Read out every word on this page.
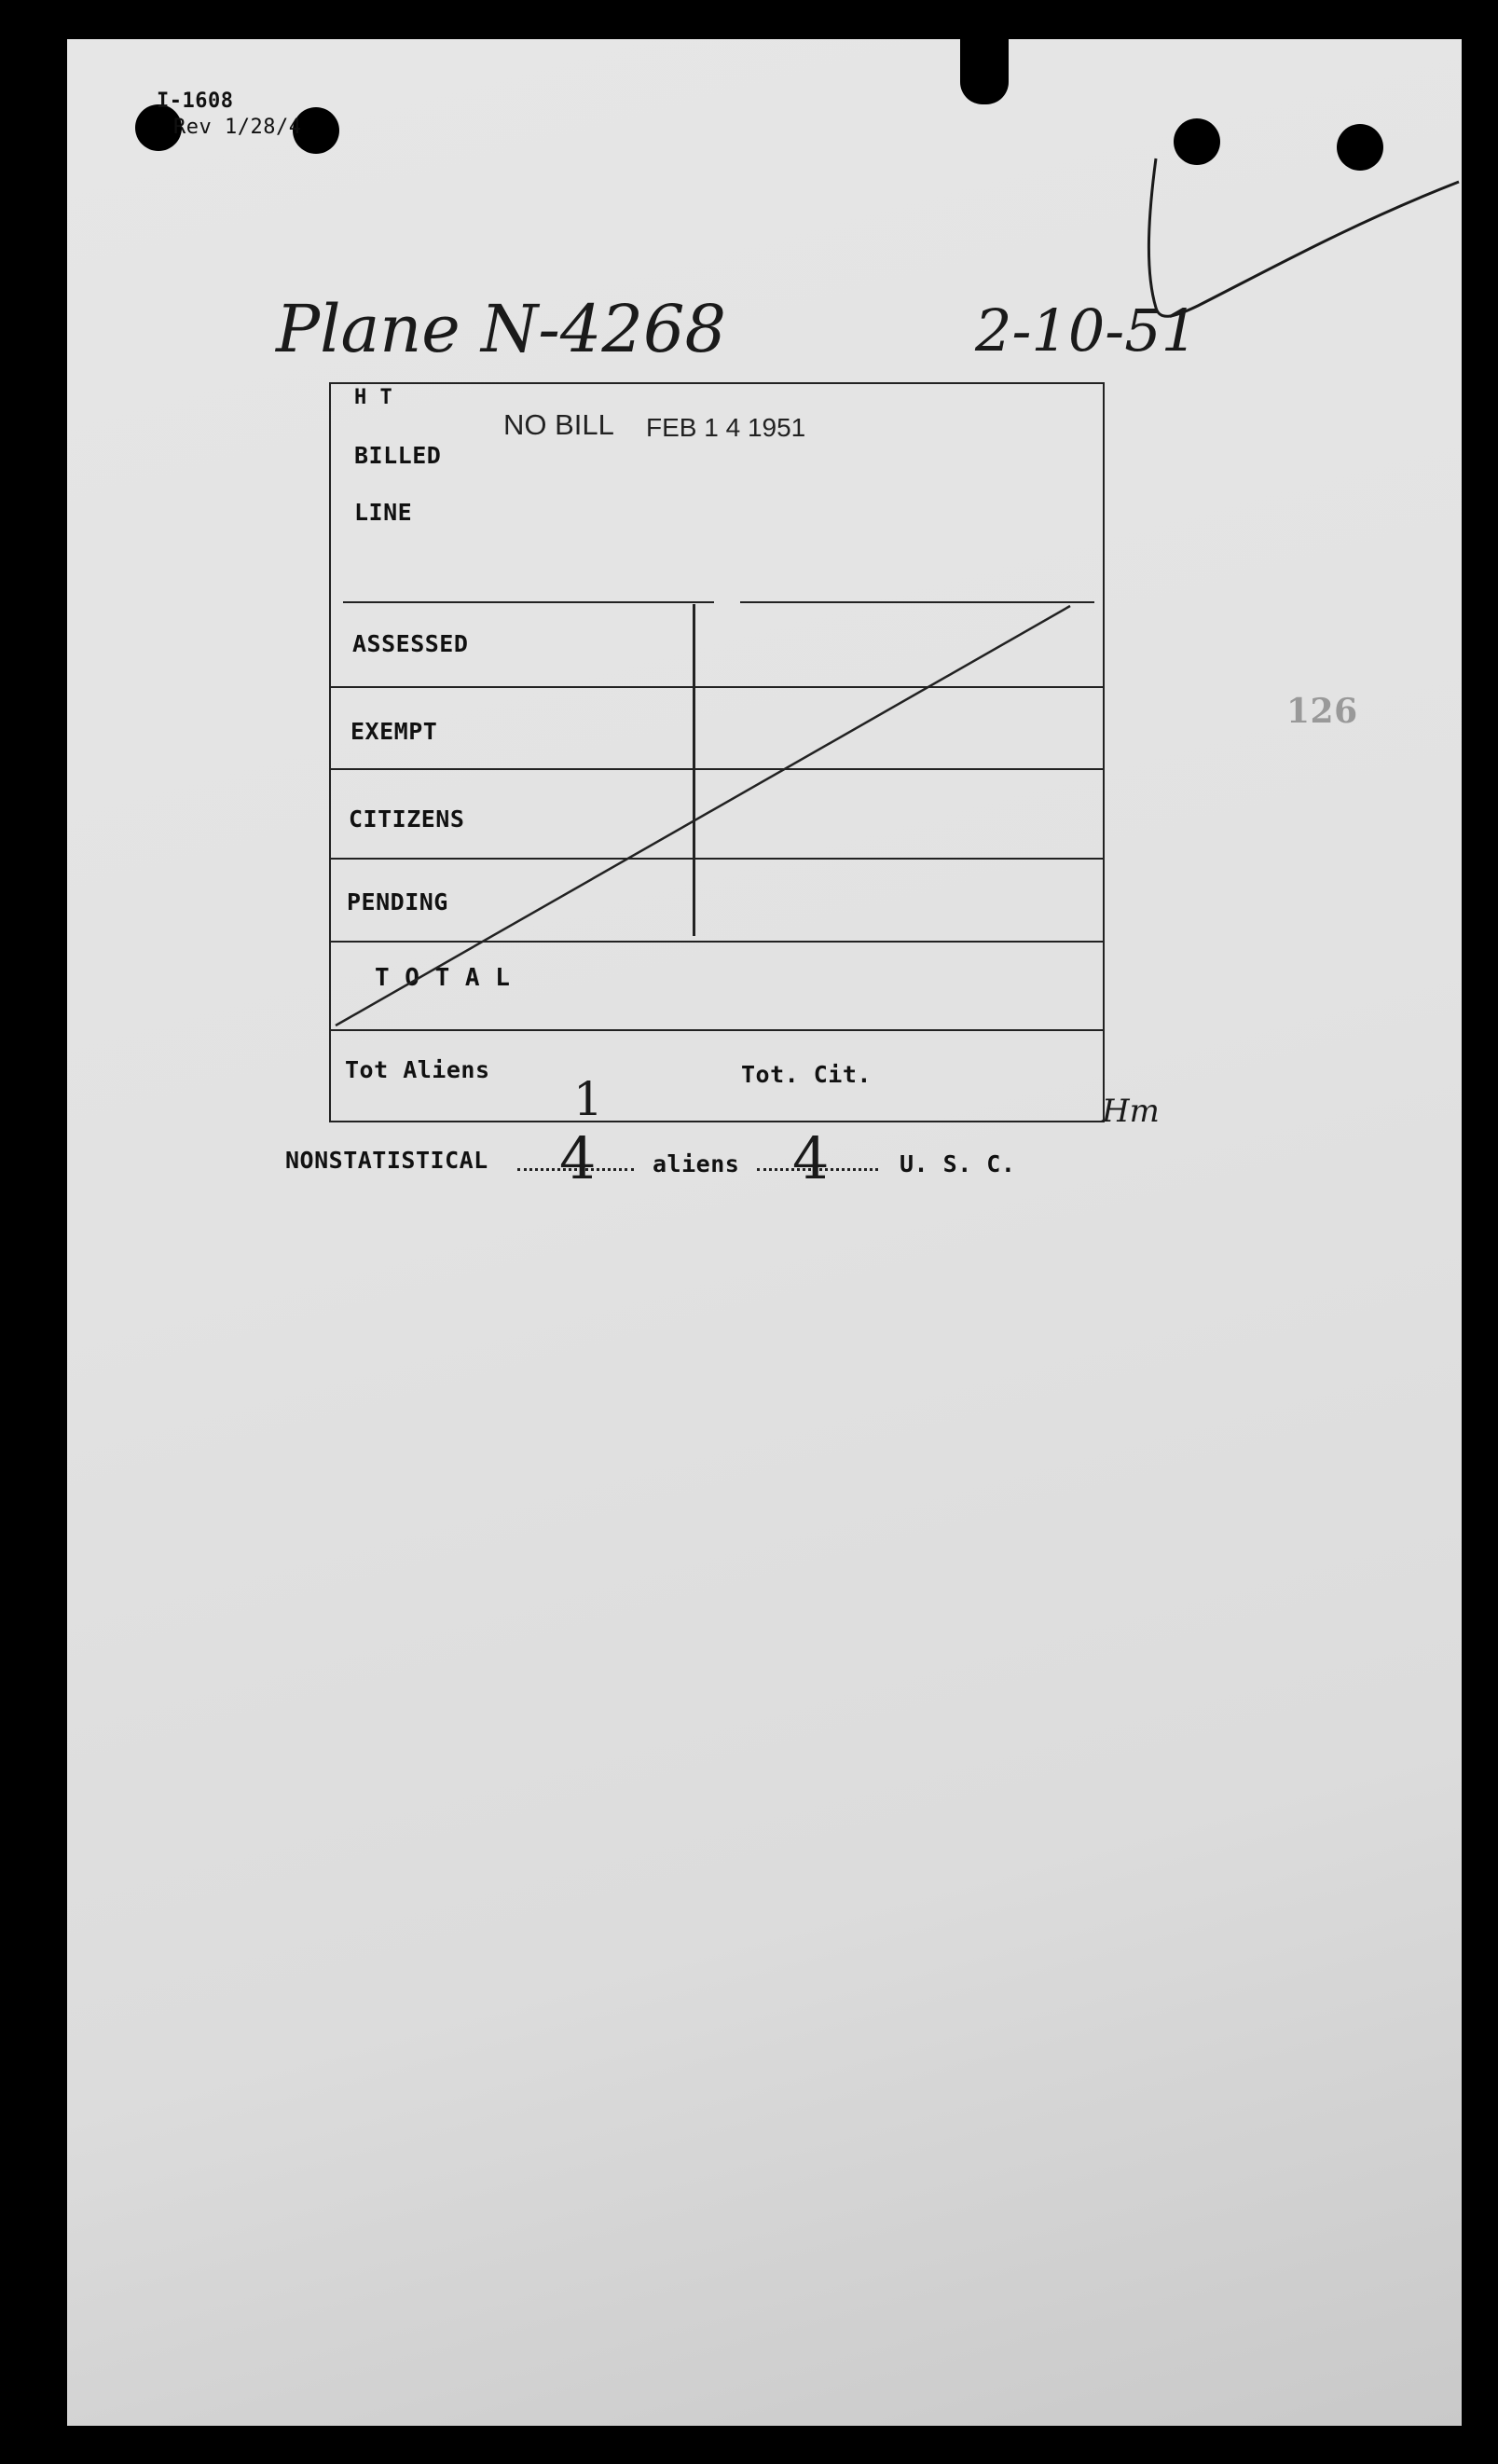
I-1608
Rev 1/28/4
126
Plane N-4268	2-10-51
H T
BILLED
LINE
NO BILL FEB 1 4 1951
ASSESSED
EXEMPT
CITIZENS
PENDING
T O T A L
Tot Aliens	Tot. Cit.
1	Hm
NONSTATISTICAL 4 aliens 4	U. S. C.
